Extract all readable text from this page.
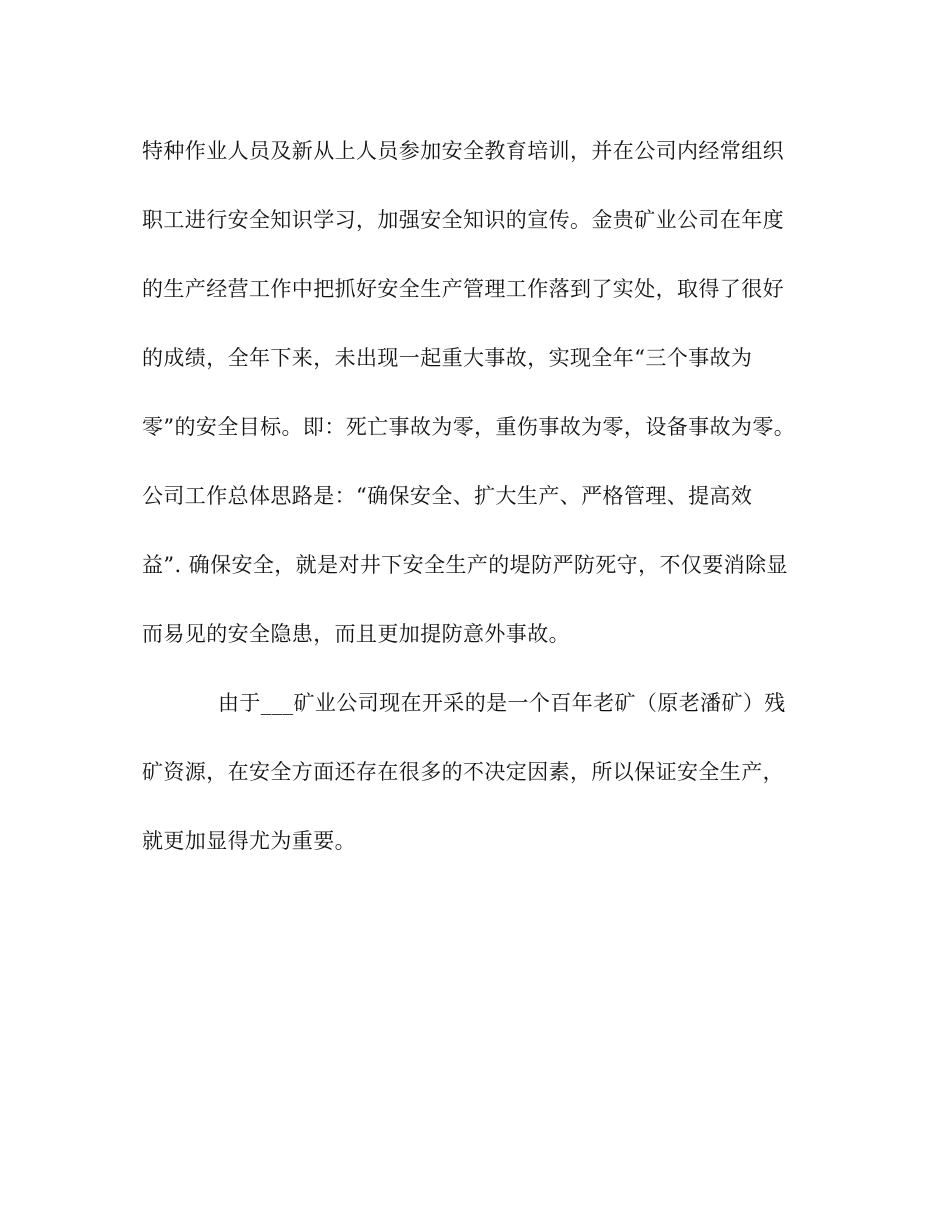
特种作业人员及新从上人员参加安全教育培训，并在公司内经常组织
职工进行安全知识学习，加强安全知识的宣传。金贵矿业公司在年度
的生产经营工作中把抓好安全生产管理工作落到了实处，取得了很好
的成绩，全年下来，未出现一起重大事故，实现全年“三个事故为
零”的安全目标。即：死亡事故为零，重伤事故为零，设备事故为零。
公司工作总体思路是：“确保安全、扩大生产、严格管理、提高效
益”. 确保安全，就是对井下安全生产的堤防严防死守，不仅要消除显
而易见的安全隐患，而且更加提防意外事故。
由于___矿业公司现在开采的是一个百年老矿（原老潘矿）残
矿资源，在安全方面还存在很多的不决定因素，所以保证安全生产，
就更加显得尤为重要。
